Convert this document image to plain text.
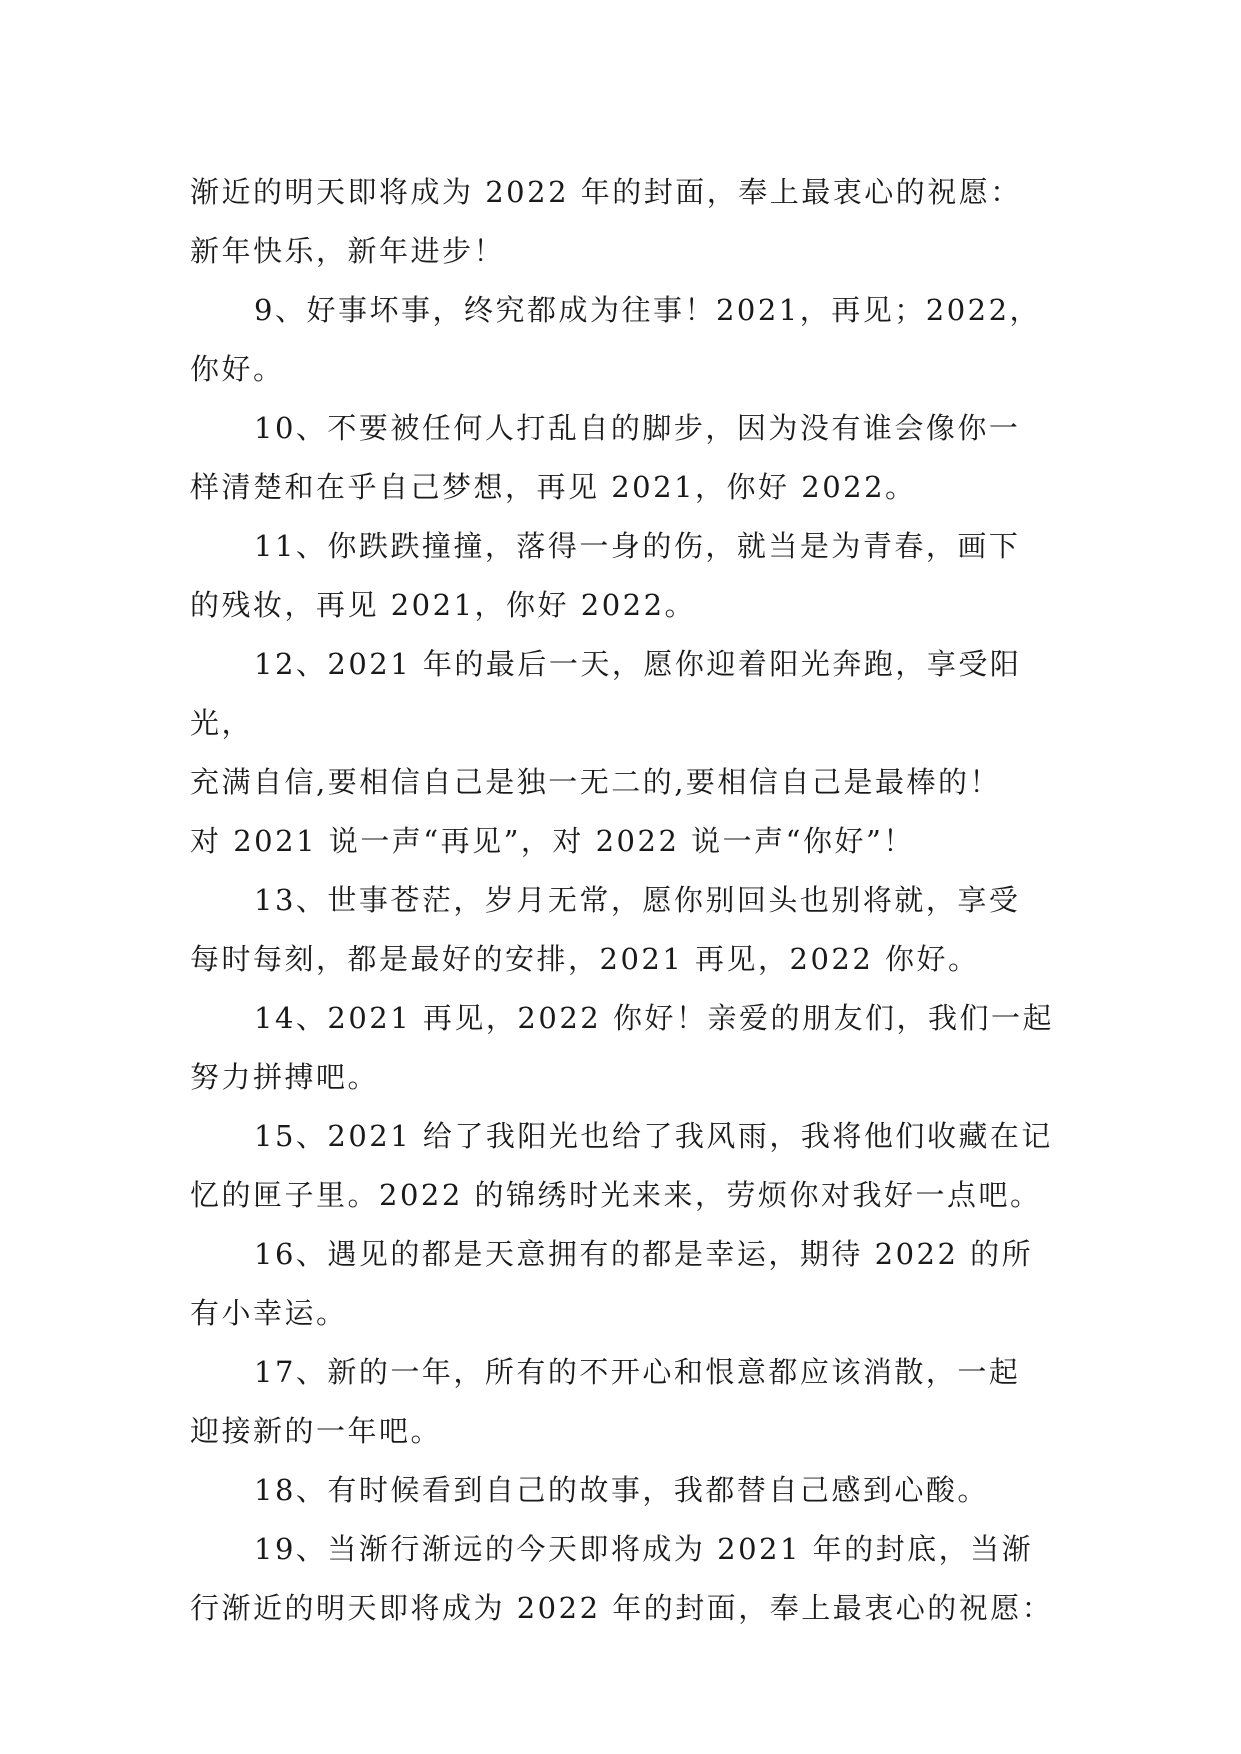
渐近的明天即将成为 2022 年的封面，奉上最衷心的祝愿：
新年快乐，新年进步！

9、好事坏事，终究都成为往事！2021，再见；2022，
你好。

10、不要被任何人打乱自的脚步，因为没有谁会像你一
样清楚和在乎自己梦想，再见 2021，你好 2022。

11、你跌跌撞撞，落得一身的伤，就当是为青春，画下
的残妆，再见 2021，你好 2022。

12、2021 年的最后一天，愿你迎着阳光奔跑，享受阳光，
充满自信,要相信自己是独一无二的,要相信自己是最棒的！
对 2021 说一声“再见”，对 2022 说一声“你好”！

13、世事苍茫，岁月无常，愿你别回头也别将就，享受
每时每刻，都是最好的安排，2021 再见，2022 你好。

14、2021 再见，2022 你好！亲爱的朋友们，我们一起
努力拼搏吧。

15、2021 给了我阳光也给了我风雨，我将他们收藏在记
忆的匣子里。2022 的锦绣时光来来，劳烦你对我好一点吧。

16、遇见的都是天意拥有的都是幸运，期待 2022 的所
有小幸运。

17、新的一年，所有的不开心和恨意都应该消散，一起
迎接新的一年吧。

18、有时候看到自己的故事，我都替自己感到心酸。

19、当渐行渐远的今天即将成为 2021 年的封底，当渐
行渐近的明天即将成为 2022 年的封面，奉上最衷心的祝愿：
